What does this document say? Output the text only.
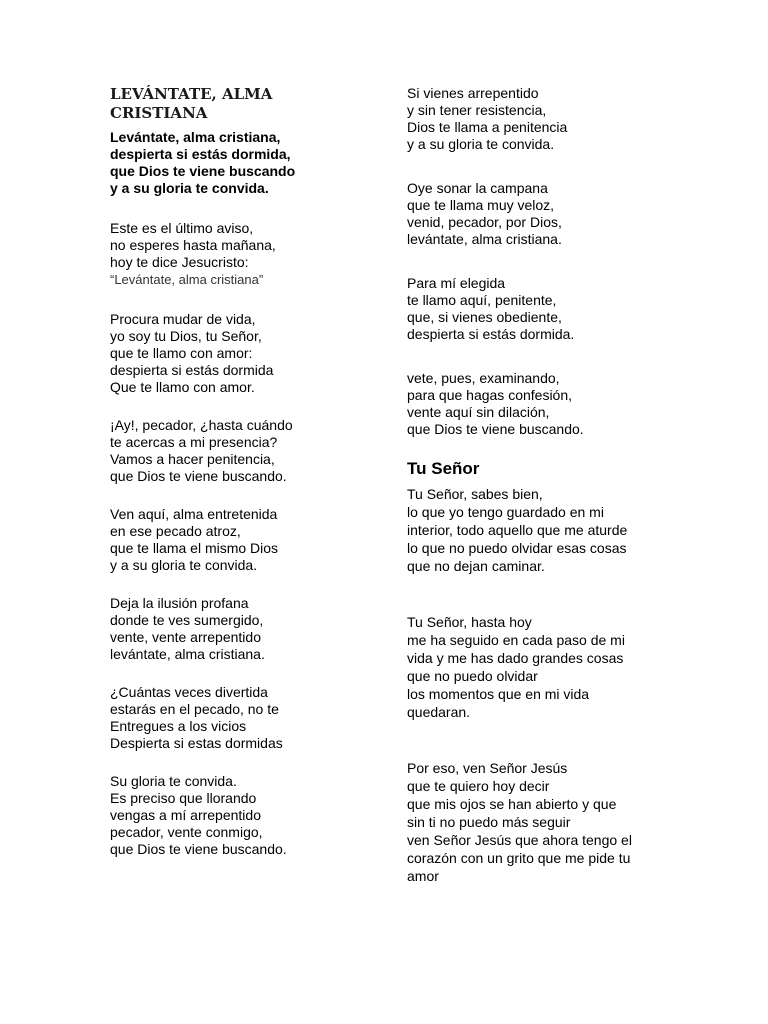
LEVÁNTATE, ALMA
CRISTIANA

Levántate, alma cristiana,
despierta si estás dormida,
que Dios te viene buscando
y a su gloria te convida.

Este es el último aviso,
no esperes hasta mañana,
hoy te dice Jesucristo:
“Levántate, alma cristiana”

Procura mudar de vida,
yo soy tu Dios, tu Señor,
que te llamo con amor:
despierta si estás dormida
Que te llamo con amor.

¡Ay!, pecador, ¿hasta cuándo
te acercas a mi presencia?
Vamos a hacer penitencia,
que Dios te viene buscando.

Ven aquí, alma entretenida
en ese pecado atroz,
que te llama el mismo Dios
y a su gloria te convida.

Deja la ilusión profana
donde te ves sumergido,
vente, vente arrepentido
levántate, alma cristiana.

¿Cuántas veces divertida
estarás en el pecado, no te
Entregues a los vicios
Despierta si estas dormidas

Su gloria te convida.
Es preciso que llorando
vengas a mí arrepentido
pecador, vente conmigo,
que Dios te viene buscando.

Si vienes arrepentido
y sin tener resistencia,
Dios te llama a penitencia
y a su gloria te convida.

Oye sonar la campana
que te llama muy veloz,
venid, pecador, por Dios,
levántate, alma cristiana.

Para mí elegida
te llamo aquí, penitente,
que, si vienes obediente,
despierta si estás dormida.

vete, pues, examinando,
para que hagas confesión,
vente aquí sin dilación,
que Dios te viene buscando.

Tu Señor

Tu Señor, sabes bien,
lo que yo tengo guardado en mi
interior, todo aquello que me aturde
lo que no puedo olvidar esas cosas
que no dejan caminar.

Tu Señor, hasta hoy
me ha seguido en cada paso de mi
vida y me has dado grandes cosas
que no puedo olvidar
los momentos que en mi vida
quedaran.

Por eso, ven Señor Jesús
que te quiero hoy decir
que mis ojos se han abierto y que
sin ti no puedo más seguir
ven Señor Jesús que ahora tengo el
corazón con un grito que me pide tu
amor
